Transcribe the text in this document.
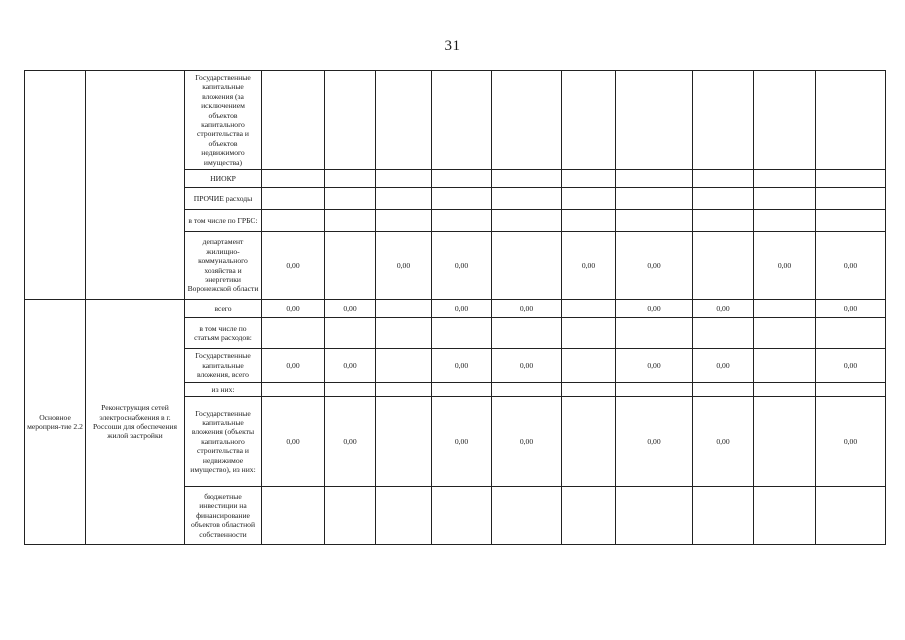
31
		Государственные капитальные вложения (за исключением объектов капитального строительства и объектов недвижимого имущества)										
		НИОКР										
		ПРОЧИЕ расходы										
		в том числе по ГРБС:										
		департамент жилищно-коммунального хозяйства и энергетики Воронежской области	0,00		0,00	0,00		0,00	0,00		0,00	0,00
Основное мероприя-тие 2.2	Реконструкция сетей электроснабжения в г. Россоши для обеспечения жилой застройки	всего	0,00	0,00		0,00	0,00		0,00	0,00		0,00
		в том числе по статьям расходов:										
		Государственные капитальные вложения, всего	0,00	0,00		0,00	0,00		0,00	0,00		0,00
		из них:										
		Государственные капитальные вложения (объекты капитального строительства и недвижимое имущество), из них:	0,00	0,00		0,00	0,00		0,00	0,00		0,00
		бюджетные инвестиции на финансирование объектов областной собственности										
